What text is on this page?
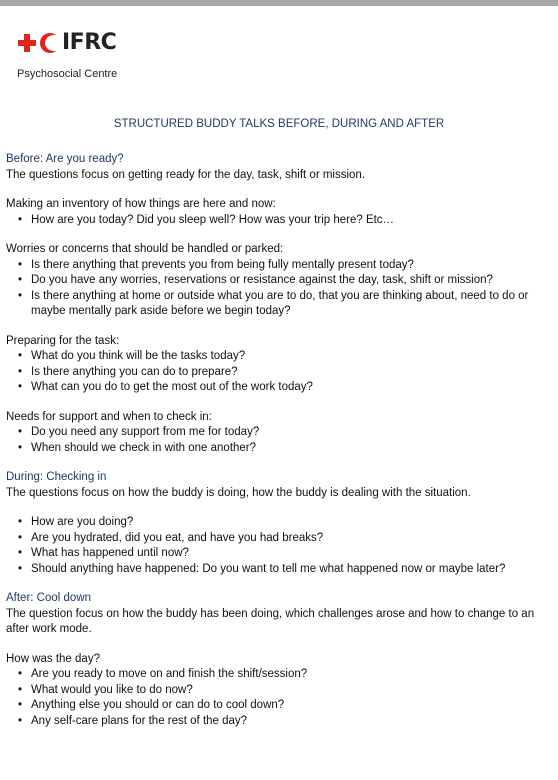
IFRC
Psychosocial Centre
STRUCTURED BUDDY TALKS BEFORE, DURING AND AFTER

Before: Are you ready?

The questions focus on getting ready for the day, task, shift or mission.

Making an inventory of how things are here and now:

• How are you today? Did you sleep well? How was your trip here? Etc…

Worries or concerns that should be handled or parked:

• Is there anything that prevents you from being fully mentally present today?
• Do you have any worries, reservations or resistance against the day, task, shift or mission?
• Is there anything at home or outside what you are to do, that you are thinking about, need to do or maybe mentally park aside before we begin today?

Preparing for the task:

• What do you think will be the tasks today?
• Is there anything you can do to prepare?
• What can you do to get the most out of the work today?

Needs for support and when to check in:

• Do you need any support from me for today?
• When should we check in with one another?

During: Checking in

The questions focus on how the buddy is doing, how the buddy is dealing with the situation.

• How are you doing?
• Are you hydrated, did you eat, and have you had breaks?
• What has happened until now?
• Should anything have happened: Do you want to tell me what happened now or maybe later?

After: Cool down

The question focus on how the buddy has been doing, which challenges arose and how to change to an after work mode.

How was the day?

• Are you ready to move on and finish the shift/session?
• What would you like to do now?
• Anything else you should or can do to cool down?
• Any self-care plans for the rest of the day?
